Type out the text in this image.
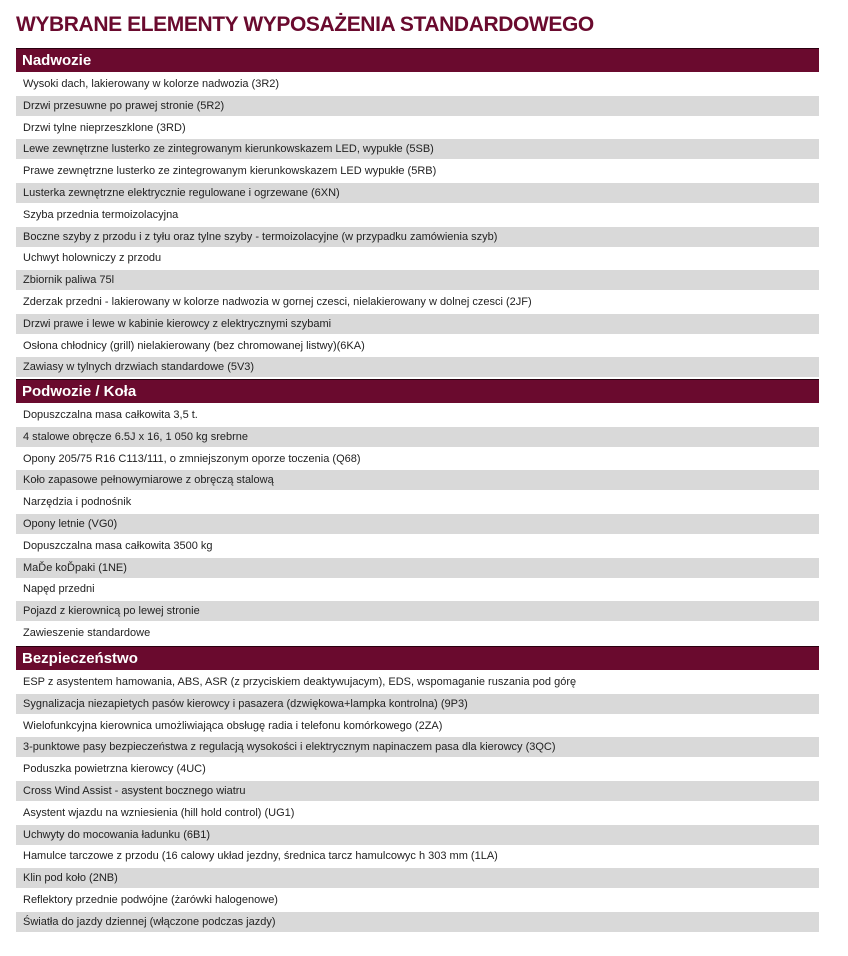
WYBRANE ELEMENTY WYPOSAŻENIA STANDARDOWEGO
Nadwozie
Wysoki dach, lakierowany w kolorze nadwozia (3R2)
Drzwi przesuwne po prawej stronie (5R2)
Drzwi tylne nieprzeszklone (3RD)
Lewe zewnętrzne lusterko ze zintegrowanym kierunkowskazem LED, wypukłe (5SB)
Prawe zewnętrzne lusterko ze zintegrowanym kierunkowskazem LED wypukłe (5RB)
Lusterka zewnętrzne elektrycznie regulowane i ogrzewane (6XN)
Szyba przednia termoizolacyjna
Boczne szyby z przodu i z tyłu oraz tylne szyby - termoizolacyjne (w przypadku zamówienia szyb)
Uchwyt holowniczy z przodu
Zbiornik paliwa 75l
Zderzak przedni - lakierowany w kolorze nadwozia w gornej czesci, nielakierowany w dolnej czesci (2JF)
Drzwi prawe i lewe w kabinie kierowcy z elektrycznymi szybami
Osłona chłodnicy (grill) nielakierowany (bez chromowanej listwy)(6KA)
Zawiasy w tylnych drzwiach standardowe (5V3)
Podwozie / Koła
Dopuszczalna masa całkowita 3,5 t.
4 stalowe obręcze 6.5J x 16, 1 050 kg srebrne
Opony 205/75 R16 C113/111, o zmniejszonym oporze toczenia (Q68)
Koło zapasowe pełnowymiarowe z obręczą stalową
Narzędzia i podnośnik
Opony letnie (VG0)
Dopuszczalna masa całkowita 3500 kg
MaĎe koĎpaki (1NE)
Napęd przedni
Pojazd z kierownicą po lewej stronie
Zawieszenie standardowe
Bezpieczeństwo
ESP z asystentem hamowania, ABS, ASR (z przyciskiem deaktywujacym), EDS, wspomaganie ruszania pod górę
Sygnalizacja niezapietych pasów kierowcy i pasazera (dzwiękowa+lampka kontrolna) (9P3)
Wielofunkcyjna kierownica umożliwiająca obsługę radia i telefonu komórkowego (2ZA)
3-punktowe pasy bezpieczeństwa z regulacją wysokości i elektrycznym napinaczem pasa dla kierowcy (3QC)
Poduszka powietrzna kierowcy (4UC)
Cross Wind Assist - asystent bocznego wiatru
Asystent wjazdu na wzniesienia (hill hold control) (UG1)
Uchwyty do mocowania ładunku (6B1)
Hamulce tarczowe z przodu (16 calowy układ jezdny, średnica tarcz hamulcowyc h 303 mm (1LA)
Klin pod koło (2NB)
Reflektory przednie podwójne (żarówki halogenowe)
Światła do jazdy dziennej (włączone podczas jazdy)
